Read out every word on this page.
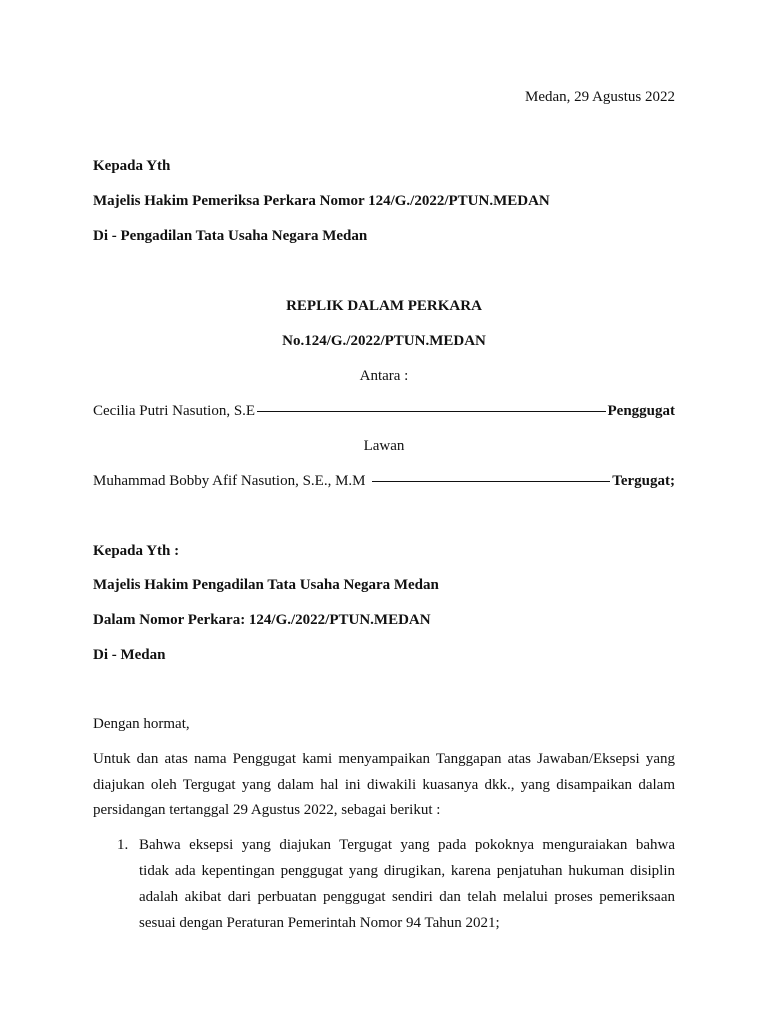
Medan, 29 Agustus 2022
Kepada Yth
Majelis Hakim Pemeriksa Perkara Nomor 124/G./2022/PTUN.MEDAN
Di - Pengadilan Tata Usaha Negara Medan
REPLIK DALAM PERKARA
No.124/G./2022/PTUN.MEDAN
Antara :
Cecilia Putri Nasution, S.E	Penggugat
Lawan
Muhammad Bobby Afif Nasution, S.E., M.M	Tergugat;
Kepada Yth :
Majelis Hakim Pengadilan Tata Usaha Negara Medan
Dalam Nomor Perkara: 124/G./2022/PTUN.MEDAN
Di - Medan
Dengan hormat,
Untuk dan atas nama Penggugat kami menyampaikan Tanggapan atas Jawaban/Eksepsi yang
diajukan oleh Tergugat yang dalam hal ini diwakili kuasanya dkk., yang disampaikan dalam
persidangan tertanggal 29 Agustus 2022, sebagai berikut :
1. Bahwa eksepsi yang diajukan Tergugat yang pada pokoknya menguraiakan bahwa
tidak ada kepentingan penggugat yang dirugikan, karena penjatuhan hukuman disiplin
adalah akibat dari perbuatan penggugat sendiri dan telah melalui proses pemeriksaan
sesuai dengan Peraturan Pemerintah Nomor 94 Tahun 2021;
